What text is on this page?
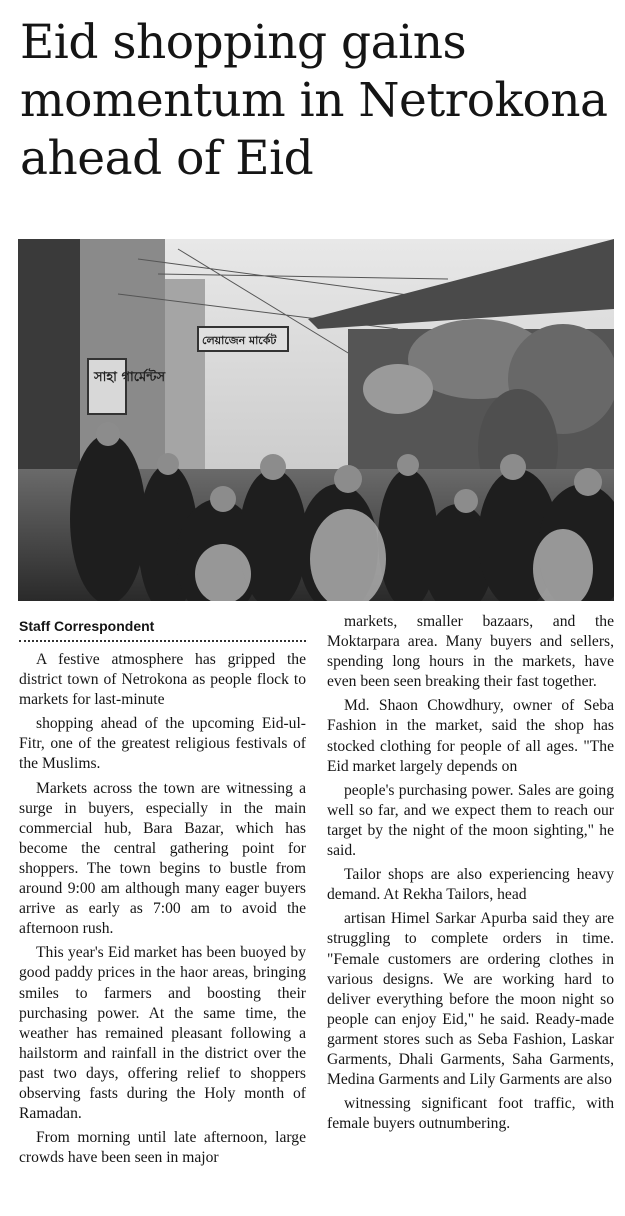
Eid shopping gains momentum in Netrokona ahead of Eid
সাহা গার্মেন্টস
লেয়াজেন মার্কেট
Staff Correspondent

A festive atmosphere has gripped the district town of Netrokona as people flock to markets for last-minute

shopping ahead of the upcoming Eid-ul-Fitr, one of the greatest religious festivals of the Muslims.

Markets across the town are witnessing a surge in buyers, especially in the main commercial hub, Bara Bazar, which has become the central gathering point for shoppers. The town begins to bustle from around 9:00 am although many eager buyers arrive as early as 7:00 am to avoid the afternoon rush.

This year's Eid market has been buoyed by good paddy prices in the haor areas, bringing smiles to farmers and boosting their purchasing power. At the same time, the weather has remained pleasant following a hailstorm and rainfall in the district over the past two days, offering relief to shoppers observing fasts during the Holy month of Ramadan.

From morning until late afternoon, large crowds have been seen in major

markets, smaller bazaars, and the Moktarpara area. Many buyers and sellers, spending long hours in the markets, have even been seen breaking their fast together.

Md. Shaon Chowdhury, owner of Seba Fashion in the market, said the shop has stocked clothing for people of all ages. "The Eid market largely depends on

people's purchasing power. Sales are going well so far, and we expect them to reach our target by the night of the moon sighting," he said.

Tailor shops are also experiencing heavy demand. At Rekha Tailors, head

artisan Himel Sarkar Apurba said they are struggling to complete orders in time. "Female customers are ordering clothes in various designs. We are working hard to deliver everything before the moon night so people can enjoy Eid," he said. Ready-made garment stores such as Seba Fashion, Laskar Garments, Dhali Garments, Saha Garments, Medina Garments and Lily Garments are also

witnessing significant foot traffic, with female buyers outnumbering.
